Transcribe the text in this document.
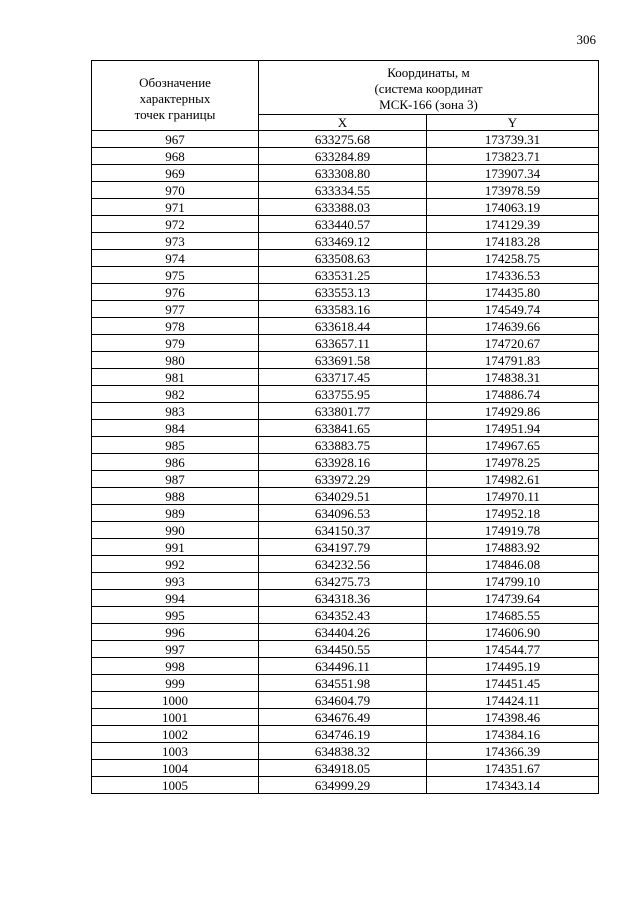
306
Обозначение
характерных
точек границы	Координаты, м
(система координат
МСК-166 (зона 3)	

	X	Y
967	633275.68	173739.31
968	633284.89	173823.71
969	633308.80	173907.34
970	633334.55	173978.59
971	633388.03	174063.19
972	633440.57	174129.39
973	633469.12	174183.28
974	633508.63	174258.75
975	633531.25	174336.53
976	633553.13	174435.80
977	633583.16	174549.74
978	633618.44	174639.66
979	633657.11	174720.67
980	633691.58	174791.83
981	633717.45	174838.31
982	633755.95	174886.74
983	633801.77	174929.86
984	633841.65	174951.94
985	633883.75	174967.65
986	633928.16	174978.25
987	633972.29	174982.61
988	634029.51	174970.11
989	634096.53	174952.18
990	634150.37	174919.78
991	634197.79	174883.92
992	634232.56	174846.08
993	634275.73	174799.10
994	634318.36	174739.64
995	634352.43	174685.55
996	634404.26	174606.90
997	634450.55	174544.77
998	634496.11	174495.19
999	634551.98	174451.45
1000	634604.79	174424.11
1001	634676.49	174398.46
1002	634746.19	174384.16
1003	634838.32	174366.39
1004	634918.05	174351.67
1005	634999.29	174343.14
